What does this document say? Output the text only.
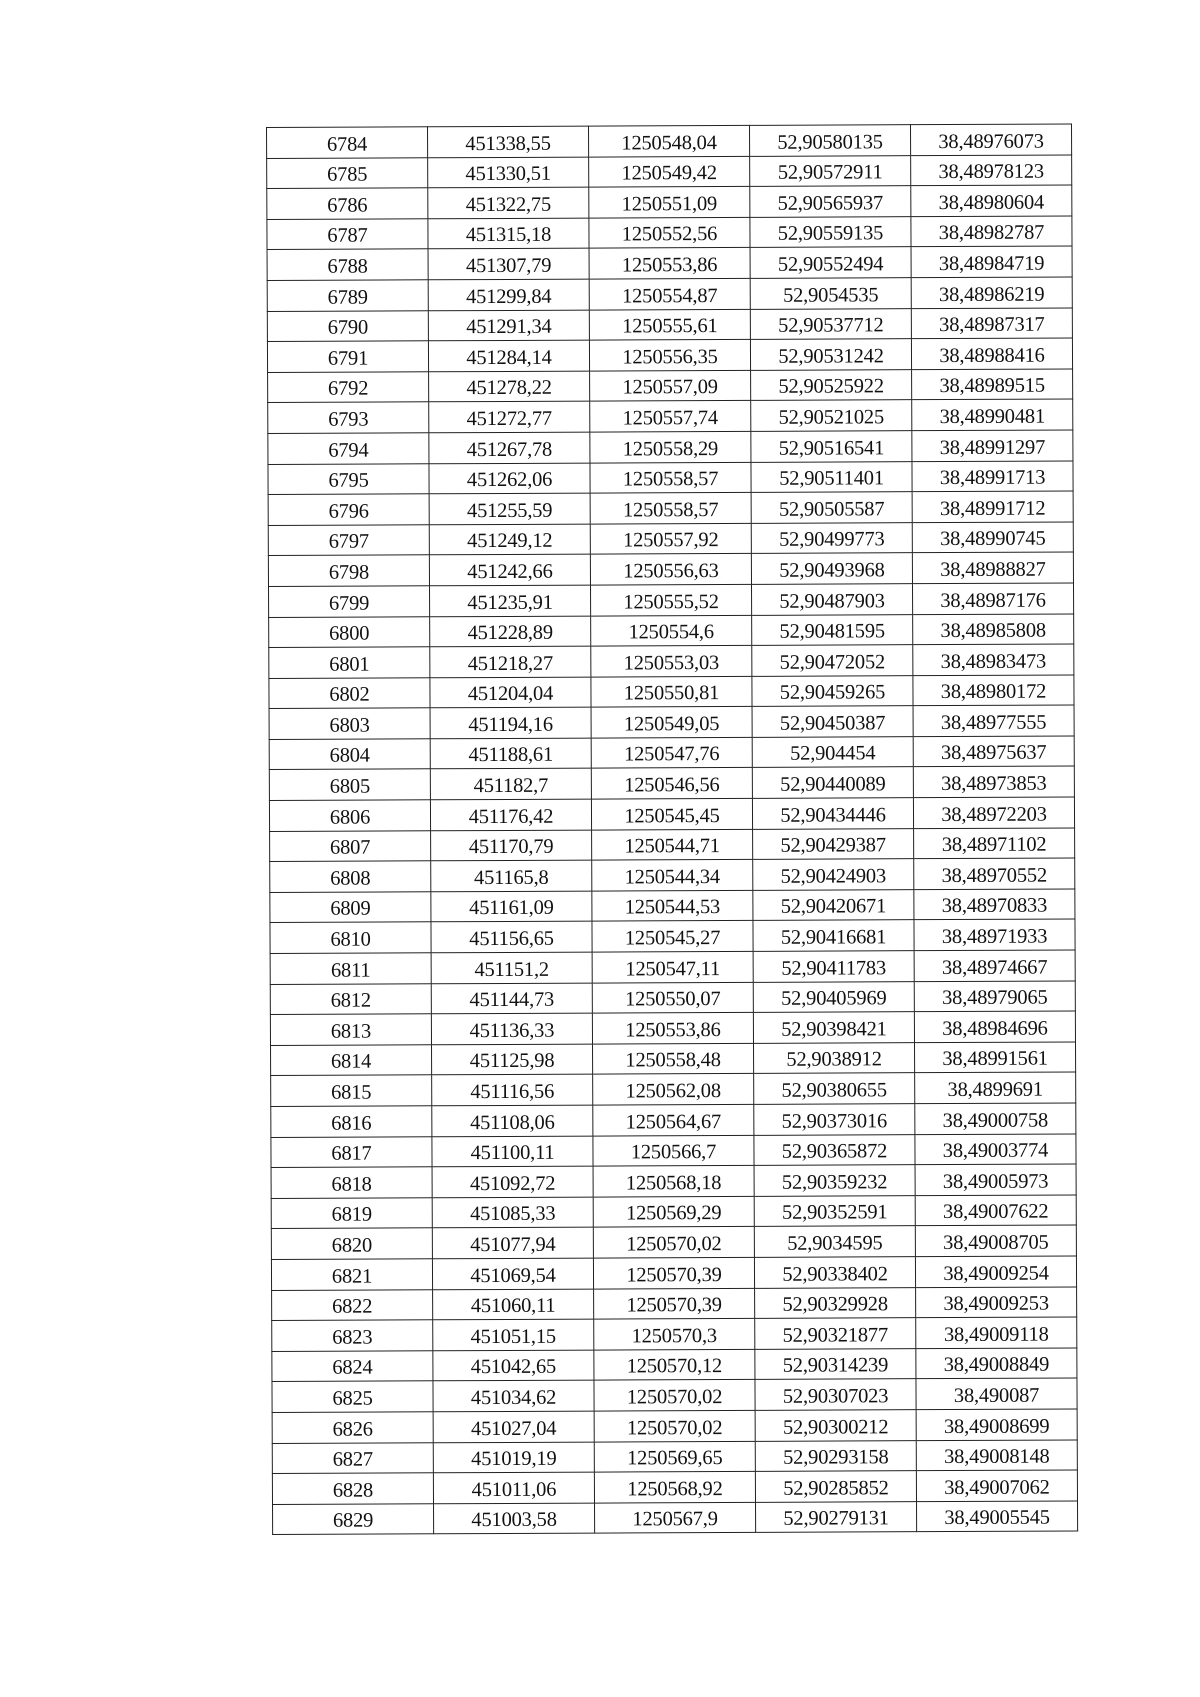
6784	451338,55	1250548,04	52,90580135	38,48976073
6785	451330,51	1250549,42	52,90572911	38,48978123
6786	451322,75	1250551,09	52,90565937	38,48980604
6787	451315,18	1250552,56	52,90559135	38,48982787
6788	451307,79	1250553,86	52,90552494	38,48984719
6789	451299,84	1250554,87	52,9054535	38,48986219
6790	451291,34	1250555,61	52,90537712	38,48987317
6791	451284,14	1250556,35	52,90531242	38,48988416
6792	451278,22	1250557,09	52,90525922	38,48989515
6793	451272,77	1250557,74	52,90521025	38,48990481
6794	451267,78	1250558,29	52,90516541	38,48991297
6795	451262,06	1250558,57	52,90511401	38,48991713
6796	451255,59	1250558,57	52,90505587	38,48991712
6797	451249,12	1250557,92	52,90499773	38,48990745
6798	451242,66	1250556,63	52,90493968	38,48988827
6799	451235,91	1250555,52	52,90487903	38,48987176
6800	451228,89	1250554,6	52,90481595	38,48985808
6801	451218,27	1250553,03	52,90472052	38,48983473
6802	451204,04	1250550,81	52,90459265	38,48980172
6803	451194,16	1250549,05	52,90450387	38,48977555
6804	451188,61	1250547,76	52,904454	38,48975637
6805	451182,7	1250546,56	52,90440089	38,48973853
6806	451176,42	1250545,45	52,90434446	38,48972203
6807	451170,79	1250544,71	52,90429387	38,48971102
6808	451165,8	1250544,34	52,90424903	38,48970552
6809	451161,09	1250544,53	52,90420671	38,48970833
6810	451156,65	1250545,27	52,90416681	38,48971933
6811	451151,2	1250547,11	52,90411783	38,48974667
6812	451144,73	1250550,07	52,90405969	38,48979065
6813	451136,33	1250553,86	52,90398421	38,48984696
6814	451125,98	1250558,48	52,9038912	38,48991561
6815	451116,56	1250562,08	52,90380655	38,4899691
6816	451108,06	1250564,67	52,90373016	38,49000758
6817	451100,11	1250566,7	52,90365872	38,49003774
6818	451092,72	1250568,18	52,90359232	38,49005973
6819	451085,33	1250569,29	52,90352591	38,49007622
6820	451077,94	1250570,02	52,9034595	38,49008705
6821	451069,54	1250570,39	52,90338402	38,49009254
6822	451060,11	1250570,39	52,90329928	38,49009253
6823	451051,15	1250570,3	52,90321877	38,49009118
6824	451042,65	1250570,12	52,90314239	38,49008849
6825	451034,62	1250570,02	52,90307023	38,490087
6826	451027,04	1250570,02	52,90300212	38,49008699
6827	451019,19	1250569,65	52,90293158	38,49008148
6828	451011,06	1250568,92	52,90285852	38,49007062
6829	451003,58	1250567,9	52,90279131	38,49005545
